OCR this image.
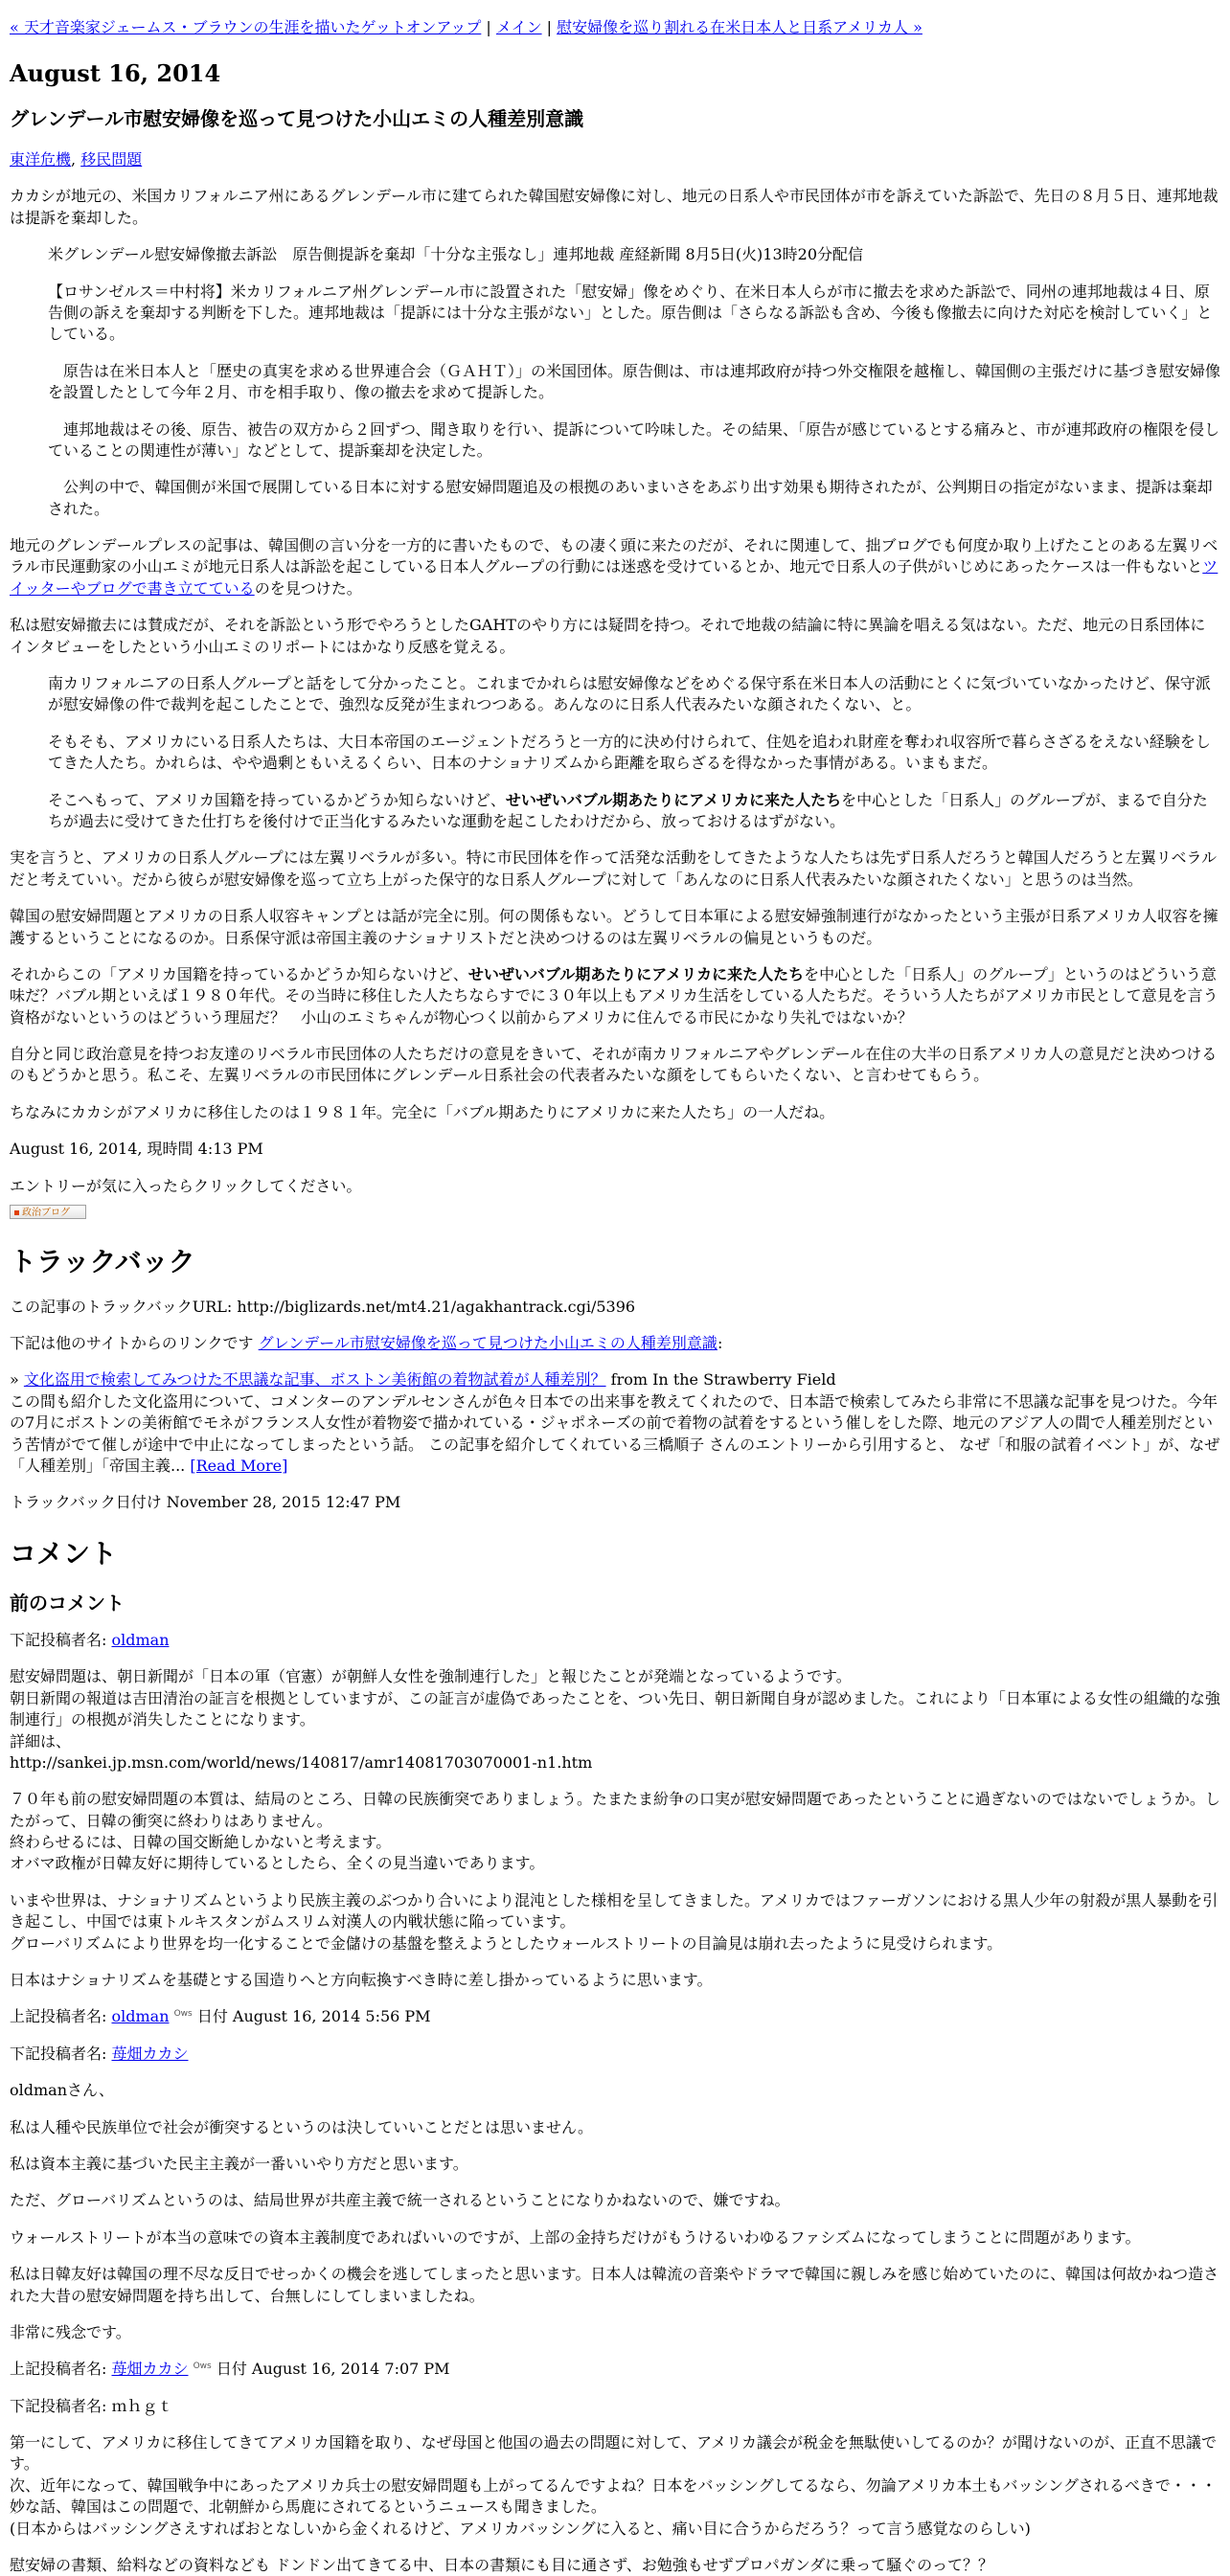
« 天才音楽家ジェームス・ブラウンの生涯を描いたゲットオンアップ | メイン | 慰安婦像を巡り割れる在米日本人と日系アメリカ人 »
August 16, 2014
グレンデール市慰安婦像を巡って見つけた小山エミの人種差別意識

東洋危機, 移民問題

カカシが地元の、米国カリフォルニア州にあるグレンデール市に建てられた韓国慰安婦像に対し、地元の日系人や市民団体が市を訴えていた訴訟で、先日の８月５日、連邦地裁は提訴を棄却した。

米グレンデール慰安婦像撤去訴訟　原告側提訴を棄却「十分な主張なし」連邦地裁 産経新聞 8月5日(火)13時20分配信

【ロサンゼルス＝中村将】米カリフォルニア州グレンデール市に設置された「慰安婦」像をめぐり、在米日本人らが市に撤去を求めた訴訟で、同州の連邦地裁は４日、原告側の訴えを棄却する判断を下した。連邦地裁は「提訴には十分な主張がない」とした。原告側は「さらなる訴訟も含め、今後も像撤去に向けた対応を検討していく」としている。

　原告は在米日本人と「歴史の真実を求める世界連合会（ＧＡＨＴ）」の米国団体。原告側は、市は連邦政府が持つ外交権限を越権し、韓国側の主張だけに基づき慰安婦像を設置したとして今年２月、市を相手取り、像の撤去を求めて提訴した。

　連邦地裁はその後、原告、被告の双方から２回ずつ、聞き取りを行い、提訴について吟味した。その結果、「原告が感じているとする痛みと、市が連邦政府の権限を侵していることの関連性が薄い」などとして、提訴棄却を決定した。

　公判の中で、韓国側が米国で展開している日本に対する慰安婦問題追及の根拠のあいまいさをあぶり出す効果も期待されたが、公判期日の指定がないまま、提訴は棄却された。

地元のグレンデールプレスの記事は、韓国側の言い分を一方的に書いたもので、もの凄く頭に来たのだが、それに関連して、拙ブログでも何度か取り上げたことのある左翼リベラル市民運動家の小山エミが地元日系人は訴訟を起こしている日本人グループの行動には迷惑を受けているとか、地元で日系人の子供がいじめにあったケースは一件もないとツイッターやブログで書き立てているのを見つけた。

私は慰安婦撤去には賛成だが、それを訴訟という形でやろうとしたGAHTのやり方には疑問を持つ。それで地裁の結論に特に異論を唱える気はない。ただ、地元の日系団体にインタビューをしたという小山エミのリポートにはかなり反感を覚える。

南カリフォルニアの日系人グループと話をして分かったこと。これまでかれらは慰安婦像などをめぐる保守系在米日本人の活動にとくに気づいていなかったけど、保守派が慰安婦像の件で裁判を起こしたことで、強烈な反発が生まれつつある。あんなのに日系人代表みたいな顔されたくない、と。

そもそも、アメリカにいる日系人たちは、大日本帝国のエージェントだろうと一方的に決め付けられて、住処を追われ財産を奪われ収容所で暮らさざるをえない経験をしてきた人たち。かれらは、やや過剰ともいえるくらい、日本のナショナリズムから距離を取らざるを得なかった事情がある。いまもまだ。

そこへもって、アメリカ国籍を持っているかどうか知らないけど、せいぜいバブル期あたりにアメリカに来た人たちを中心とした「日系人」のグループが、まるで自分たちが過去に受けてきた仕打ちを後付けで正当化するみたいな運動を起こしたわけだから、放っておけるはずがない。

実を言うと、アメリカの日系人グループには左翼リベラルが多い。特に市民団体を作って活発な活動をしてきたような人たちは先ず日系人だろうと韓国人だろうと左翼リベラルだと考えていい。だから彼らが慰安婦像を巡って立ち上がった保守的な日系人グループに対して「あんなのに日系人代表みたいな顔されたくない」と思うのは当然。

韓国の慰安婦問題とアメリカの日系人収容キャンプとは話が完全に別。何の関係もない。どうして日本軍による慰安婦強制連行がなかったという主張が日系アメリカ人収容を擁護するということになるのか。日系保守派は帝国主義のナショナリストだと決めつけるのは左翼リベラルの偏見というものだ。

それからこの「アメリカ国籍を持っているかどうか知らないけど、せいぜいバブル期あたりにアメリカに来た人たちを中心とした「日系人」のグループ」というのはどういう意味だ？バブル期といえば１９８０年代。その当時に移住した人たちならすでに３０年以上もアメリカ生活をしている人たちだ。そういう人たちがアメリカ市民として意見を言う資格がないというのはどういう理屈だ？　小山のエミちゃんが物心つく以前からアメリカに住んでる市民にかなり失礼ではないか？

自分と同じ政治意見を持つお友達のリベラル市民団体の人たちだけの意見をきいて、それが南カリフォルニアやグレンデール在住の大半の日系アメリカ人の意見だと決めつけるのもどうかと思う。私こそ、左翼リベラルの市民団体にグレンデール日系社会の代表者みたいな顔をしてもらいたくない、と言わせてもらう。

ちなみにカカシがアメリカに移住したのは１９８１年。完全に「バブル期あたりにアメリカに来た人たち」の一人だね。

August 16, 2014, 現時間 4:13 PM

エントリーが気に入ったらクリックしてください。

政治ブログ

トラックバック

この記事のトラックバックURL: http://biglizards.net/mt4.21/agakhantrack.cgi/5396

下記は他のサイトからのリンクです グレンデール市慰安婦像を巡って見つけた小山エミの人種差別意識:

» 文化盗用で検索してみつけた不思議な記事、ボストン美術館の着物試着が人種差別？ from In the Strawberry Field
この間も紹介した文化盗用について、コメンターのアンデルセンさんが色々日本での出来事を教えてくれたので、日本語で検索してみたら非常に不思議な記事を見つけた。今年の7月にボストンの美術館でモネがフランス人女性が着物姿で描かれている・ジャポネーズの前で着物の試着をするという催しをした際、地元のアジア人の間で人種差別だという苦情がでて催しが途中で中止になってしまったという話。 この記事を紹介してくれている三橋順子 さんのエントリーから引用すると、 なぜ「和服の試着イベント」が、なぜ「人種差別」「帝国主義... [Read More]

トラックバック日付け November 28, 2015 12:47 PM

コメント
前のコメント

下記投稿者名: oldman

慰安婦問題は、朝日新聞が「日本の軍（官憲）が朝鮮人女性を強制連行した」と報じたことが発端となっているようです。
朝日新聞の報道は吉田清治の証言を根拠としていますが、この証言が虚偽であったことを、つい先日、朝日新聞自身が認めました。これにより「日本軍による女性の組織的な強制連行」の根拠が消失したことになります。
詳細は、
http://sankei.jp.msn.com/world/news/140817/amr14081703070001-n1.htm

７０年も前の慰安婦問題の本質は、結局のところ、日韓の民族衝突でありましょう。たまたま紛争の口実が慰安婦問題であったということに過ぎないのではないでしょうか。したがって、日韓の衝突に終わりはありません。
終わらせるには、日韓の国交断絶しかないと考えます。
オバマ政権が日韓友好に期待しているとしたら、全くの見当違いであります。

いまや世界は、ナショナリズムというより民族主義のぶつかり合いにより混沌とした様相を呈してきました。アメリカではファーガソンにおける黒人少年の射殺が黒人暴動を引き起こし、中国では東トルキスタンがムスリム対漢人の内戦状態に陥っています。
グローバリズムにより世界を均一化することで金儲けの基盤を整えようとしたウォールストリートの目論見は崩れ去ったように見受けられます。

日本はナショナリズムを基礎とする国造りへと方向転換すべき時に差し掛かっているように思います。

上記投稿者名: oldman Ows 日付 August 16, 2014 5:56 PM

下記投稿者名: 苺畑カカシ

oldmanさん、

私は人種や民族単位で社会が衝突するというのは決していいことだとは思いません。

私は資本主義に基づいた民主主義が一番いいやり方だと思います。

ただ、グローバリズムというのは、結局世界が共産主義で統一されるということになりかねないので、嫌ですね。

ウォールストリートが本当の意味での資本主義制度であればいいのですが、上部の金持ちだけがもうけるいわゆるファシズムになってしまうことに問題があります。

私は日韓友好は韓国の理不尽な反日でせっかくの機会を逃してしまったと思います。日本人は韓流の音楽やドラマで韓国に親しみを感じ始めていたのに、韓国は何故かねつ造された大昔の慰安婦問題を持ち出して、台無しにしてしまいましたね。

非常に残念です。

上記投稿者名: 苺畑カカシ Ows 日付 August 16, 2014 7:07 PM

下記投稿者名: ｍｈｇｔ

第一にして、アメリカに移住してきてアメリカ国籍を取り、なぜ母国と他国の過去の問題に対して、アメリカ議会が税金を無駄使いしてるのか？が聞けないのが、正直不思議です。
次、近年になって、韓国戦争中にあったアメリカ兵士の慰安婦問題も上がってるんですよね？日本をバッシングしてるなら、勿論アメリカ本土もバッシングされるべきで・・・妙な話、韓国はこの問題で、北朝鮮から馬鹿にされてるというニュースも聞きました。
(日本からはバッシングさえすればおとなしいから金くれるけど、アメリカバッシングに入ると、痛い目に合うからだろう？って言う感覚なのらしい)

慰安婦の書類、給料などの資料なども ドンドン出てきてる中、日本の書類にも目に通さず、お勉強もせずプロパガンダに乗って騒ぐのって？？
